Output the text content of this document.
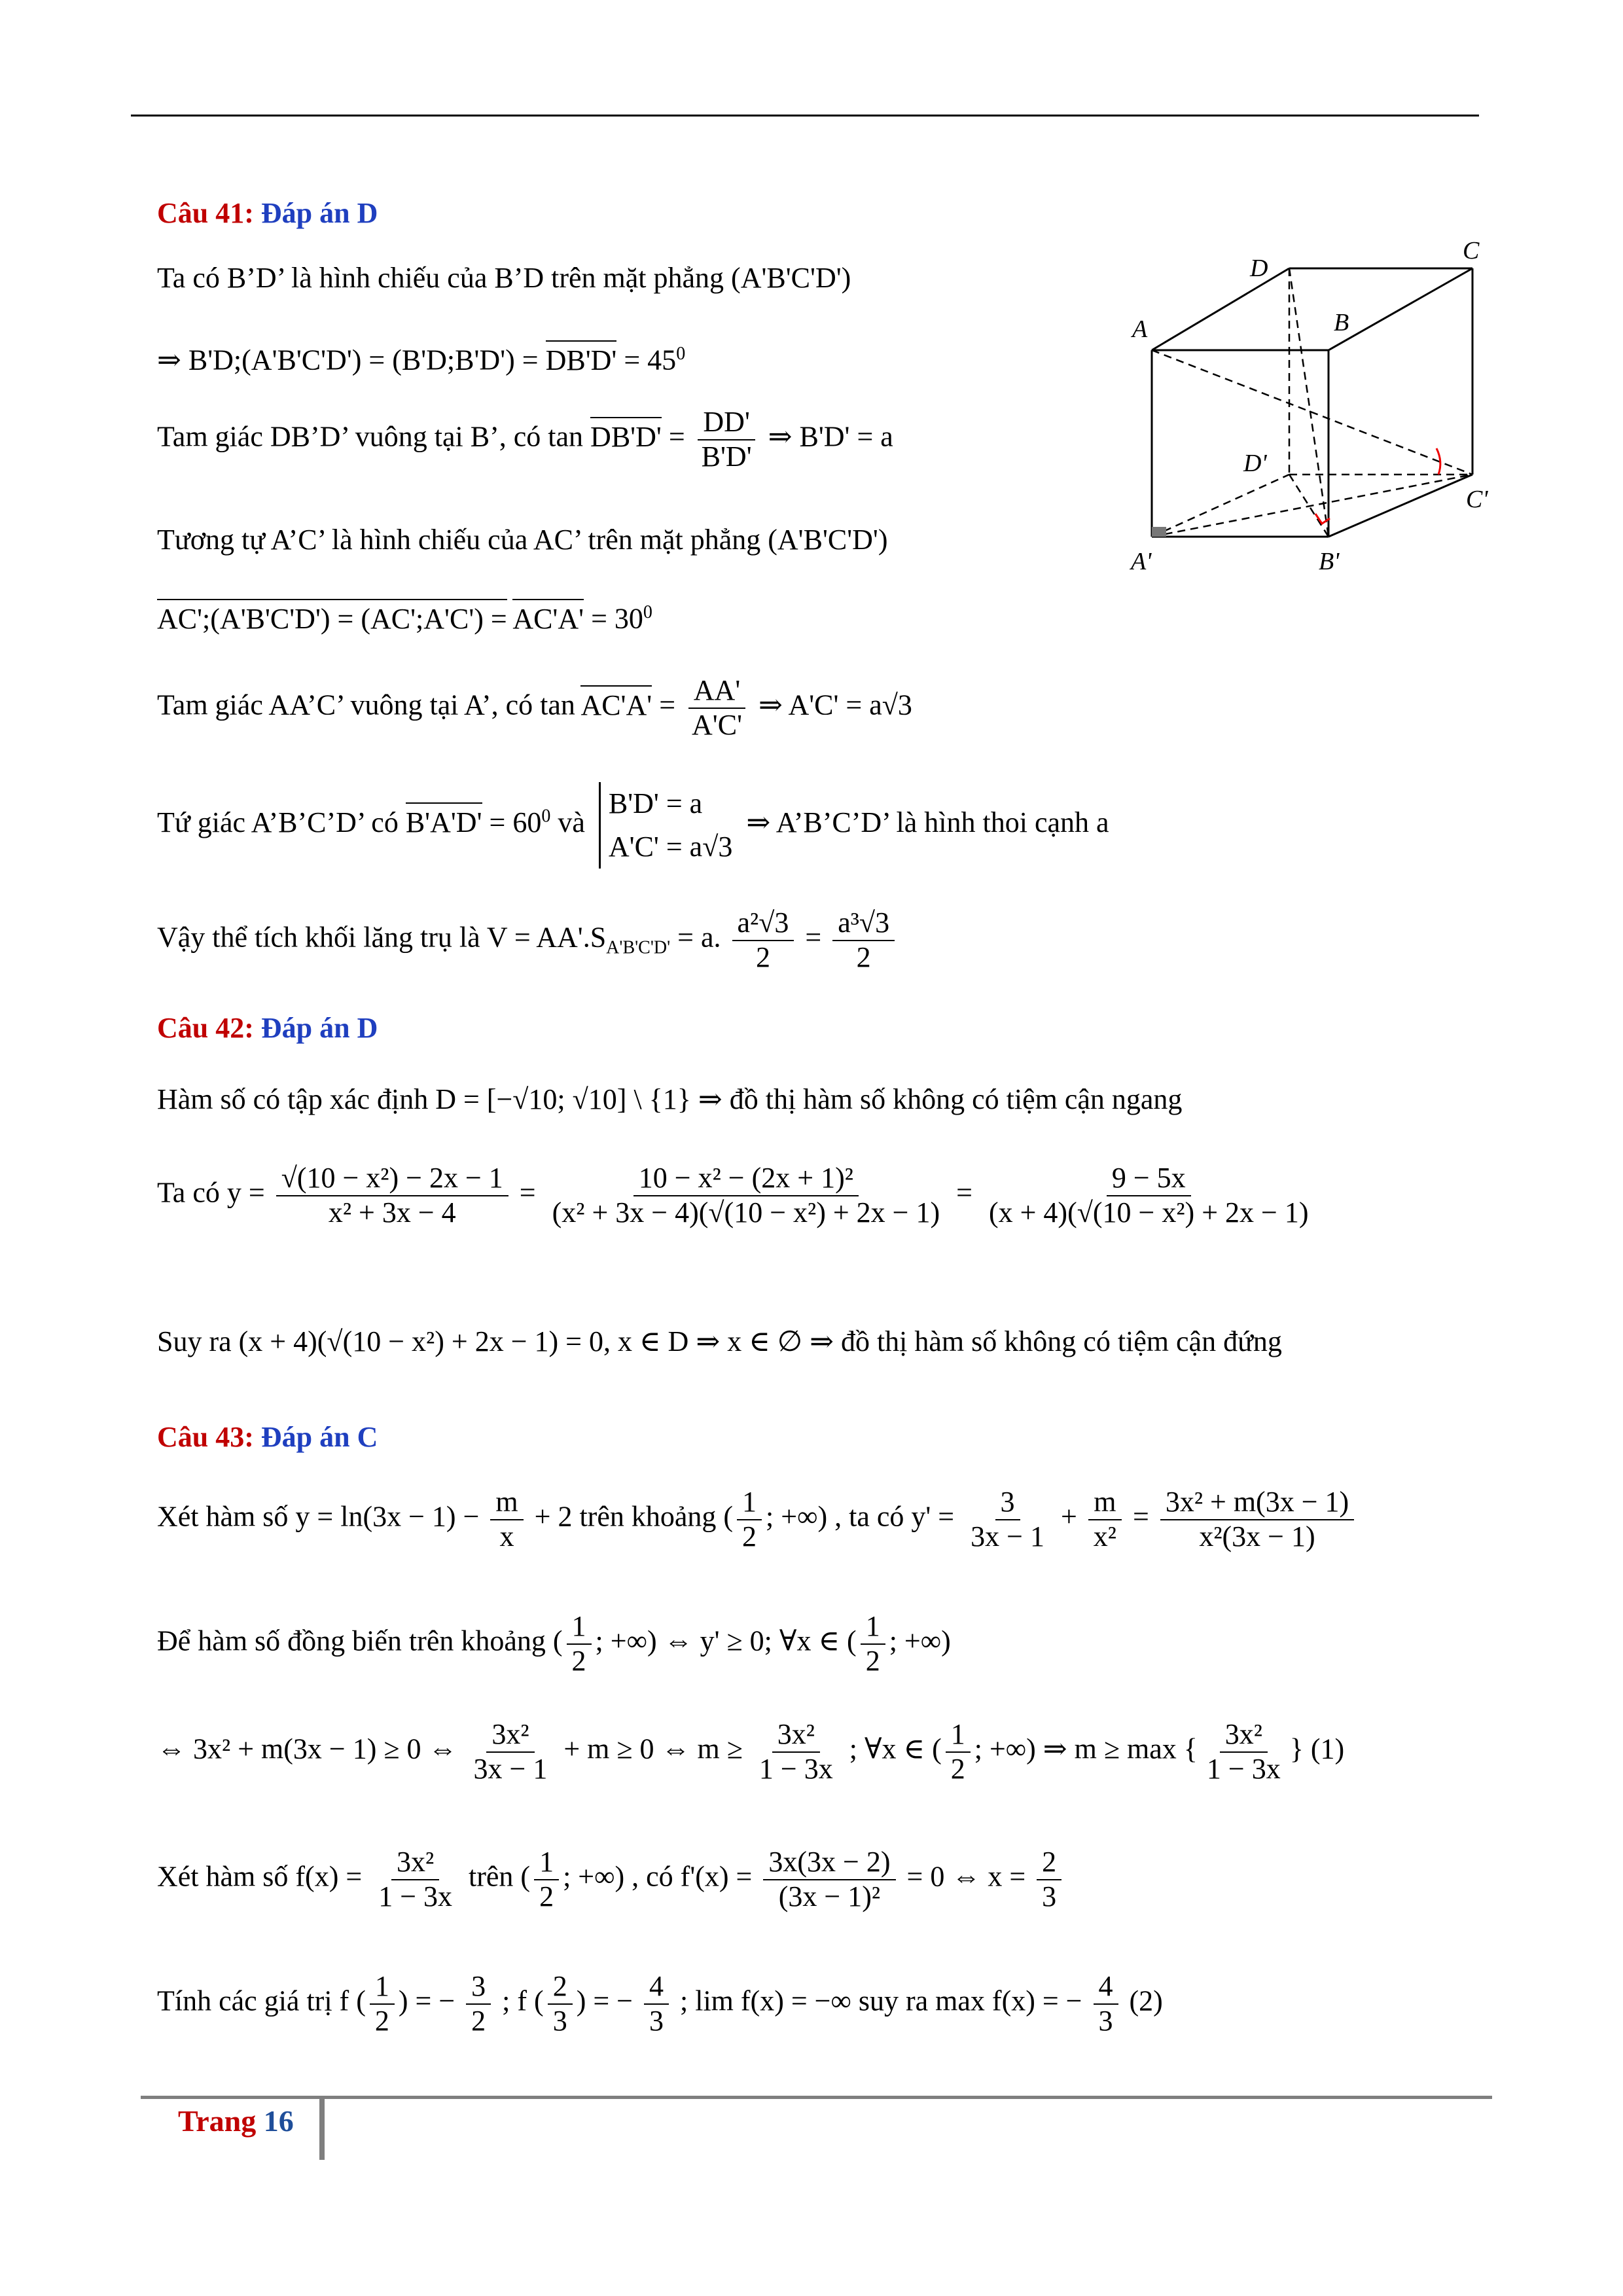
Câu 41: Đáp án D
Ta có B’D’ là hình chiếu của B’D trên mặt phẳng (A'B'C'D')
⇒ B'D;(A'B'C'D') = (B'D;B'D') = $DB'D' = 45^0$
Tam giác DB’D’ vuông tại B’, có $\tan DB'D' = \frac{DD'}{B'D'}$ ⇒ B'D' = a
Tương tự A’C’ là hình chiếu của AC’ trên mặt phẳng (A'B'C'D')
AC';(A'B'C'D') = (AC';A'C') = $AC'A' = 30^0$
Tam giác AA’C’ vuông tại A’, có $\tan AC'A' = \frac{AA'}{A'C'}$ ⇒ A'C' = a√3
Tứ giác A’B’C’D’ có $B'A'D' = 60^0$ và
B'D' = a
A'C' = a√3
⇒ A’B’C’D’ là hình thoi cạnh a
Vậy thể tích khối lăng trụ là $V = AA'.S_{A'B'C'D'} = a$. $\frac{\text{a²√3}}{2} = \frac{\text{a³√3}}{2}$
A	B
C
D
A'	B'
C'
D'
Câu 42: Đáp án D
Hàm số có tập xác định D = [−√10; √10] \ {1} ⇒ đồ thị hàm số không có tiệm cận ngang
Ta có $y = \frac{\text{√(10 − x²) − 2x − 1}}{\text{x² + 3x − 4}} = \frac{\text{10 − x² − (2x + 1)²}}{\text{(x² + 3x − 4)(√(10 − x²) + 2x − 1)}} = \frac{9 - 5x}{\text{(x + 4)(√(10 − x²) + 2x − 1)}}$
Suy ra (x + 4)(√(10 − x²) + 2x − 1) = 0, x ∈ D ⇒ x ∈ ∅ ⇒ đồ thị hàm số không có tiệm cận đứng
Câu 43: Đáp án C
Xét hàm số $y = \ln(3x - 1) - \frac{m}{x} + 2$ trên khoảng ( $\frac{1}{2}$ ; +∞) , ta có $y' = \frac{3}{3x - 1} + \frac{m}{\text{x²}} = \frac{\text{3x² + m(3x − 1)}}{\text{x²(3x − 1)}}$
Để hàm số đồng biến trên khoảng ( $\frac{1}{2}$ ; +∞) ⇔ y' ≥ 0; ∀x ∈ ( $\frac{1}{2}$ ; +∞)
⇔ 3x² + m(3x − 1) ≥ 0 ⇔ $\frac{\text{3x²}}{3x - 1} + m \ge 0$ ⇔ $m \ge \frac{\text{3x²}}{1 - 3x}$ ; ∀x ∈ ( $\frac{1}{2}$ ; +∞) ⇒ m ≥ max { $\frac{\text{3x²}}{1 - 3x}$ } (1)
Xét hàm số $f(x) = \frac{\text{3x²}}{1 - 3x}$ trên ( $\frac{1}{2}$ ; +∞) , có $f'(x) = \frac{3x(3x - 2)}{\text{(3x − 1)²}} = 0$ ⇔ $x = \frac{2}{3}$
Tính các giá trị f ( $\frac{1}{2}$ ) = − $\frac{3}{2}$ ; f ( $\frac{2}{3}$ ) = − $\frac{4}{3}$ ; lim f(x) = −∞ suy ra max f(x) = − $\frac{4}{3} (2)$
Trang 16
